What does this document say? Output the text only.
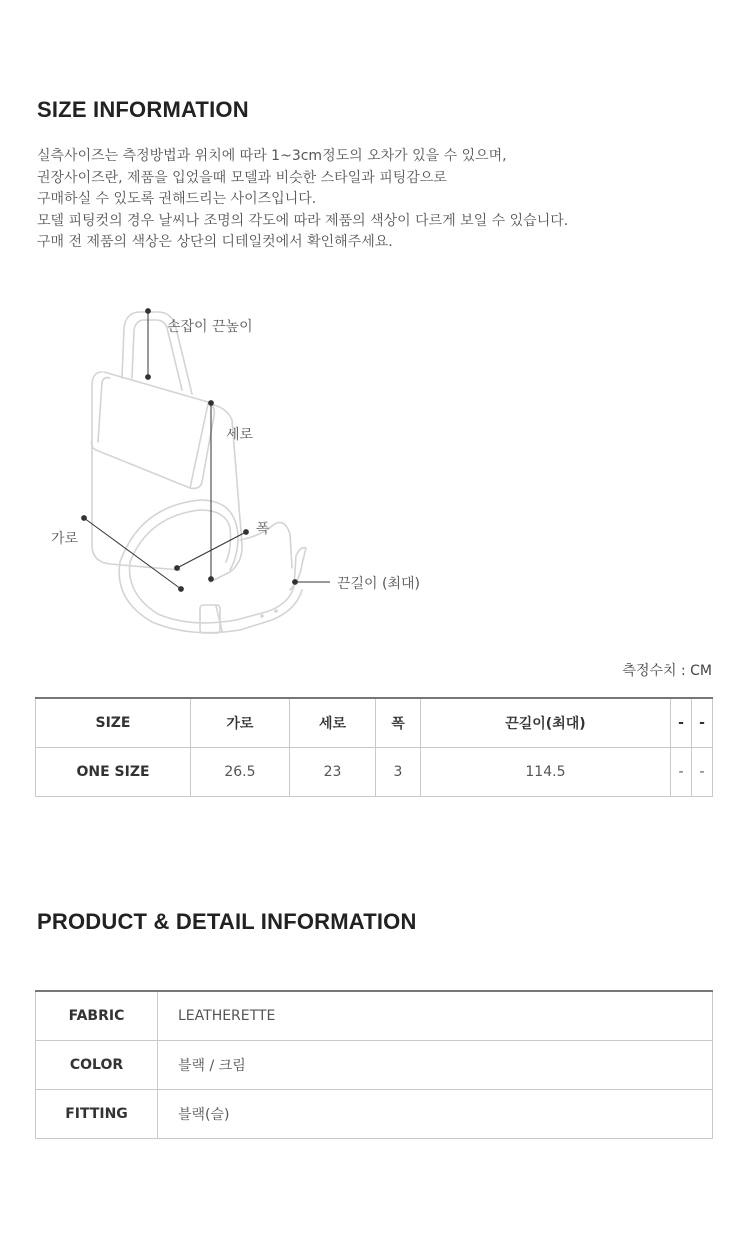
SIZE INFORMATION
실측사이즈는 측정방법과 위치에 따라 1~3cm정도의 오차가 있을 수 있으며,
권장사이즈란, 제품을 입었을때 모델과 비슷한 스타일과 피팅감으로
구매하실 수 있도록 권해드리는 사이즈입니다.
모델 피팅컷의 경우 날씨나 조명의 각도에 따라 제품의 색상이 다르게 보일 수 있습니다.
구매 전 제품의 색상은 상단의 디테일컷에서 확인해주세요.
손잡이 끈높이
세로
폭
가로
끈길이 (최대)
측정수치 : CM
SIZE	가로	세로	폭	끈길이(최대)	-	-
ONE SIZE	26.5	23	3	114.5	-	-
PRODUCT & DETAIL INFORMATION
FABRIC	LEATHERETTE
COLOR	블랙 / 크림
FITTING	블랙(슬)
